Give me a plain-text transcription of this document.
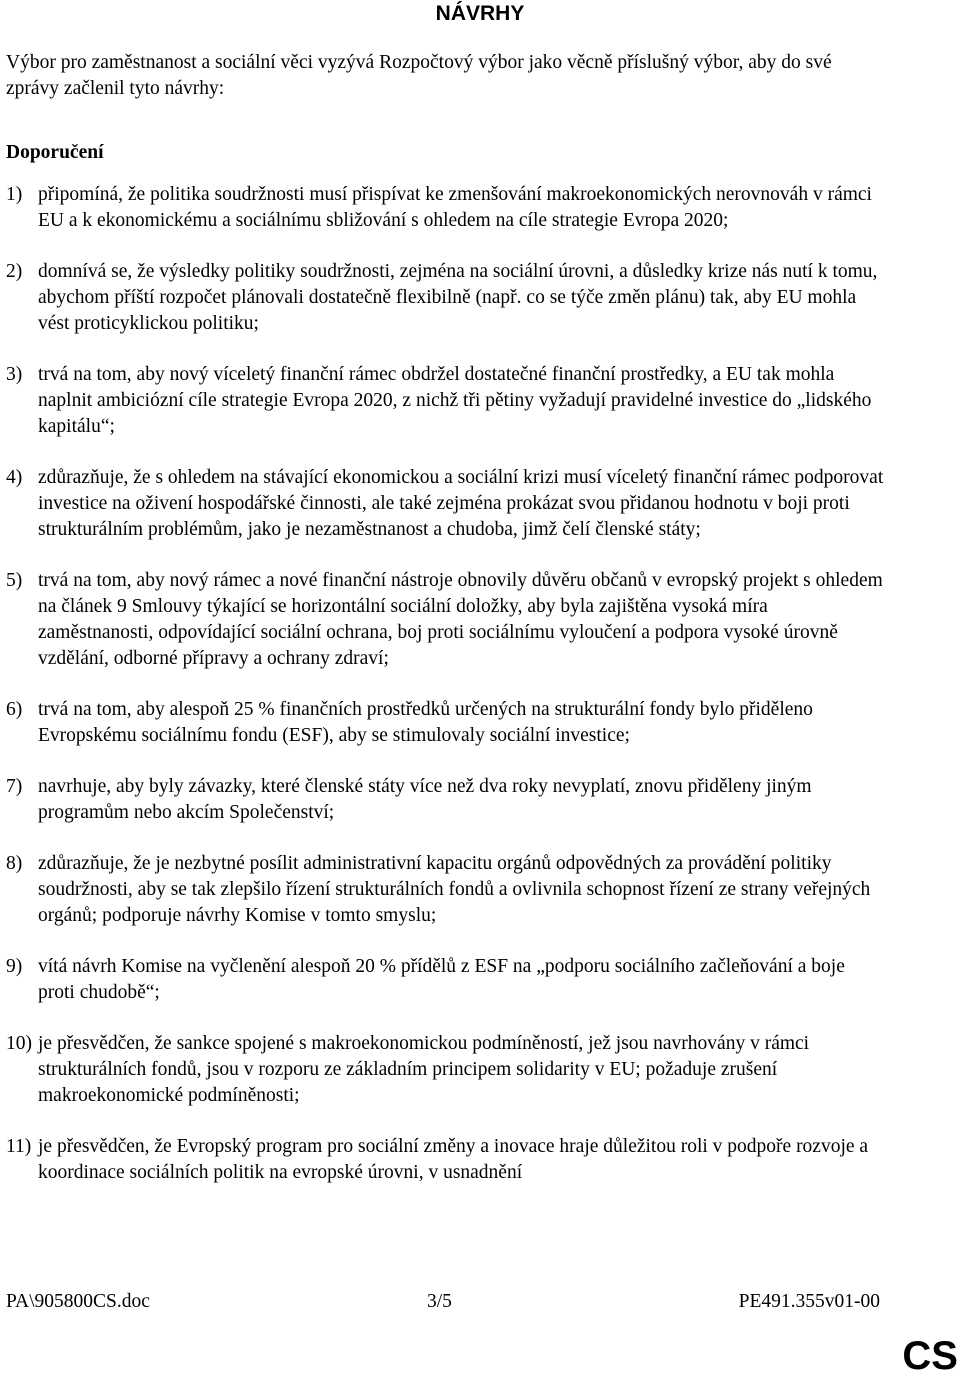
NÁVRHY

Výbor pro zaměstnanost a sociální věci vyzývá Rozpočtový výbor jako věcně příslušný výbor, aby do své zprávy začlenil tyto návrhy:

Doporučení
1) připomíná, že politika soudržnosti musí přispívat ke zmenšování makroekonomických nerovnováh v rámci EU a k ekonomickému a sociálnímu sbližování s ohledem na cíle strategie Evropa 2020;
2) domnívá se, že výsledky politiky soudržnosti, zejména na sociální úrovni, a důsledky krize nás nutí k tomu, abychom příští rozpočet plánovali dostatečně flexibilně (např. co se týče změn plánu) tak, aby EU mohla vést proticyklickou politiku;
3) trvá na tom, aby nový víceletý finanční rámec obdržel dostatečné finanční prostředky, a EU tak mohla naplnit ambiciózní cíle strategie Evropa 2020, z nichž tři pětiny vyžadují pravidelné investice do „lidského kapitálu“;
4) zdůrazňuje, že s ohledem na stávající ekonomickou a sociální krizi musí víceletý finanční rámec podporovat investice na oživení hospodářské činnosti, ale také zejména prokázat svou přidanou hodnotu v boji proti strukturálním problémům, jako je nezaměstnanost a chudoba, jimž čelí členské státy;
5) trvá na tom, aby nový rámec a nové finanční nástroje obnovily důvěru občanů v evropský projekt s ohledem na článek 9 Smlouvy týkající se horizontální sociální doložky, aby byla zajištěna vysoká míra zaměstnanosti, odpovídající sociální ochrana, boj proti sociálnímu vyloučení a podpora vysoké úrovně vzdělání, odborné přípravy a ochrany zdraví;
6) trvá na tom, aby alespoň 25 % finančních prostředků určených na strukturální fondy bylo přiděleno Evropskému sociálnímu fondu (ESF), aby se stimulovaly sociální investice;
7) navrhuje, aby byly závazky, které členské státy více než dva roky nevyplatí, znovu přiděleny jiným programům nebo akcím Společenství;
8) zdůrazňuje, že je nezbytné posílit administrativní kapacitu orgánů odpovědných za provádění politiky soudržnosti, aby se tak zlepšilo řízení strukturálních fondů a ovlivnila schopnost řízení ze strany veřejných orgánů; podporuje návrhy Komise v tomto smyslu;
9) vítá návrh Komise na vyčlenění alespoň 20 % přídělů z ESF na „podporu sociálního začleňování a boje proti chudobě“;
10) je přesvědčen, že sankce spojené s makroekonomickou podmíněností, jež jsou navrhovány v rámci strukturálních fondů, jsou v rozporu ze základním principem solidarity v EU; požaduje zrušení makroekonomické podmíněnosti;
11) je přesvědčen, že Evropský program pro sociální změny a inovace hraje důležitou roli v podpoře rozvoje a koordinace sociálních politik na evropské úrovni, v usnadnění
PA\905800CS.doc	3/5	PE491.355v01-00
CS
